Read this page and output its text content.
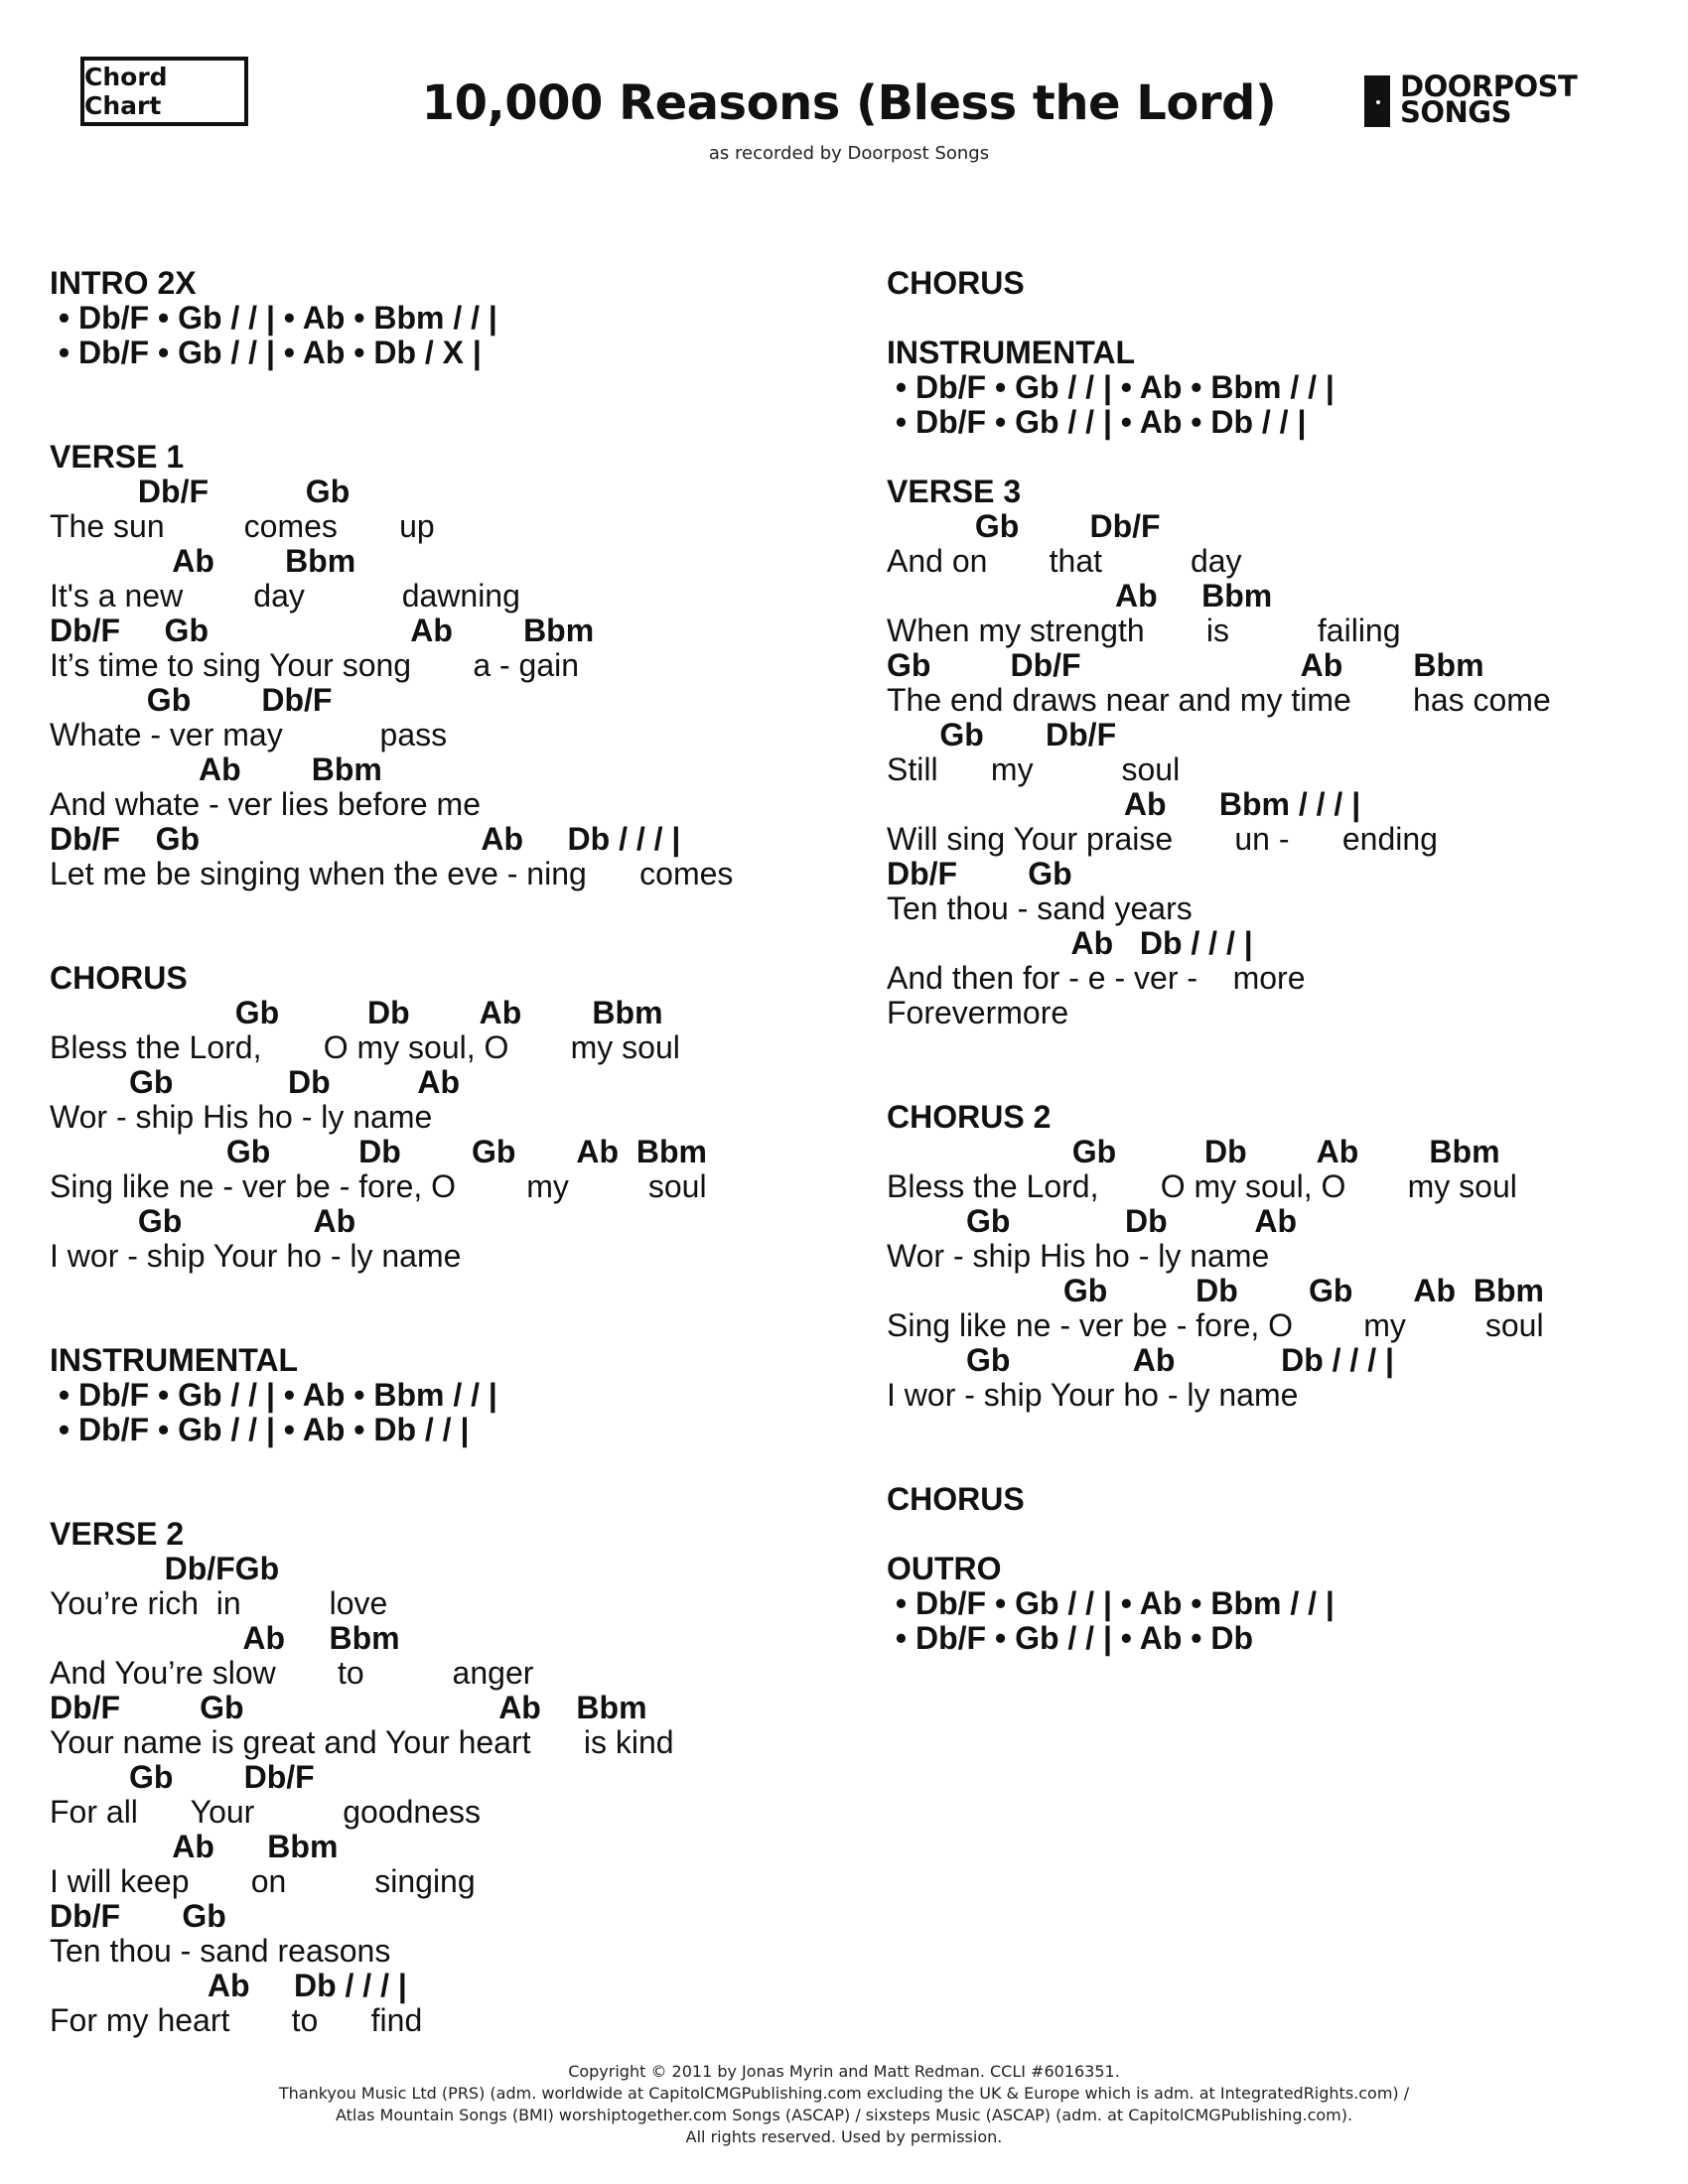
Chord Chart	10,000 Reasons (Bless the Lord)
as recorded by Doorpost Songs
DOORPOST
SONGS
INTRO 2X
• Db/F • Gb / / | • Ab • Bbm / / |
• Db/F • Gb / / | • Ab • Db / X |
VERSE 1
Db/F           Gb
The sun         comes       up
Ab        Bbm
It's a new        day           dawning
Db/F     Gb                       Ab        Bbm
It’s time to sing Your song       a - gain
Gb        Db/F
Whate - ver may           pass
Ab        Bbm
And whate - ver lies before me
Db/F    Gb                                Ab     Db / / / |
Let me be singing when the eve - ning      comes
CHORUS
Gb          Db        Ab        Bbm
Bless the Lord,       O my soul, O       my soul
Gb             Db          Ab
Wor - ship His ho - ly name
Gb          Db        Gb       Ab  Bbm
Sing like ne - ver be - fore, O        my         soul
Gb               Ab
I wor - ship Your ho - ly name
INSTRUMENTAL
• Db/F • Gb / / | • Ab • Bbm / / |
• Db/F • Gb / / | • Ab • Db / / |
VERSE 2
Db/FGb
You’re rich  in          love
Ab     Bbm
And You’re slow       to          anger
Db/F         Gb                             Ab    Bbm
Your name is great and Your heart      is kind
Gb        Db/F
For all      Your          goodness
Ab      Bbm
I will keep       on          singing
Db/F       Gb
Ten thou - sand reasons
Ab     Db / / / |
For my heart       to      find
CHORUS
INSTRUMENTAL
• Db/F • Gb / / | • Ab • Bbm / / |
• Db/F • Gb / / | • Ab • Db / / |
VERSE 3
Gb        Db/F
And on       that          day
Ab     Bbm
When my strength       is          failing
Gb         Db/F                         Ab        Bbm
The end draws near and my time       has come
Gb       Db/F
Still      my          soul
Ab      Bbm / / / |
Will sing Your praise       un -      ending
Db/F        Gb
Ten thou - sand years
Ab   Db / / / |
And then for - e - ver -    more
Forevermore
CHORUS 2
Gb          Db        Ab        Bbm
Bless the Lord,       O my soul, O       my soul
Gb             Db          Ab
Wor - ship His ho - ly name
Gb          Db        Gb       Ab  Bbm
Sing like ne - ver be - fore, O        my         soul
Gb              Ab            Db / / / |
I wor - ship Your ho - ly name
CHORUS
OUTRO
• Db/F • Gb / / | • Ab • Bbm / / |
• Db/F • Gb / / | • Ab • Db
Copyright © 2011 by Jonas Myrin and Matt Redman. CCLI #6016351.
Thankyou Music Ltd (PRS) (adm. worldwide at CapitolCMGPublishing.com excluding the UK & Europe which is adm. at IntegratedRights.com) /
Atlas Mountain Songs (BMI) worshiptogether.com Songs (ASCAP) / sixsteps Music (ASCAP) (adm. at CapitolCMGPublishing.com).
All rights reserved. Used by permission.
